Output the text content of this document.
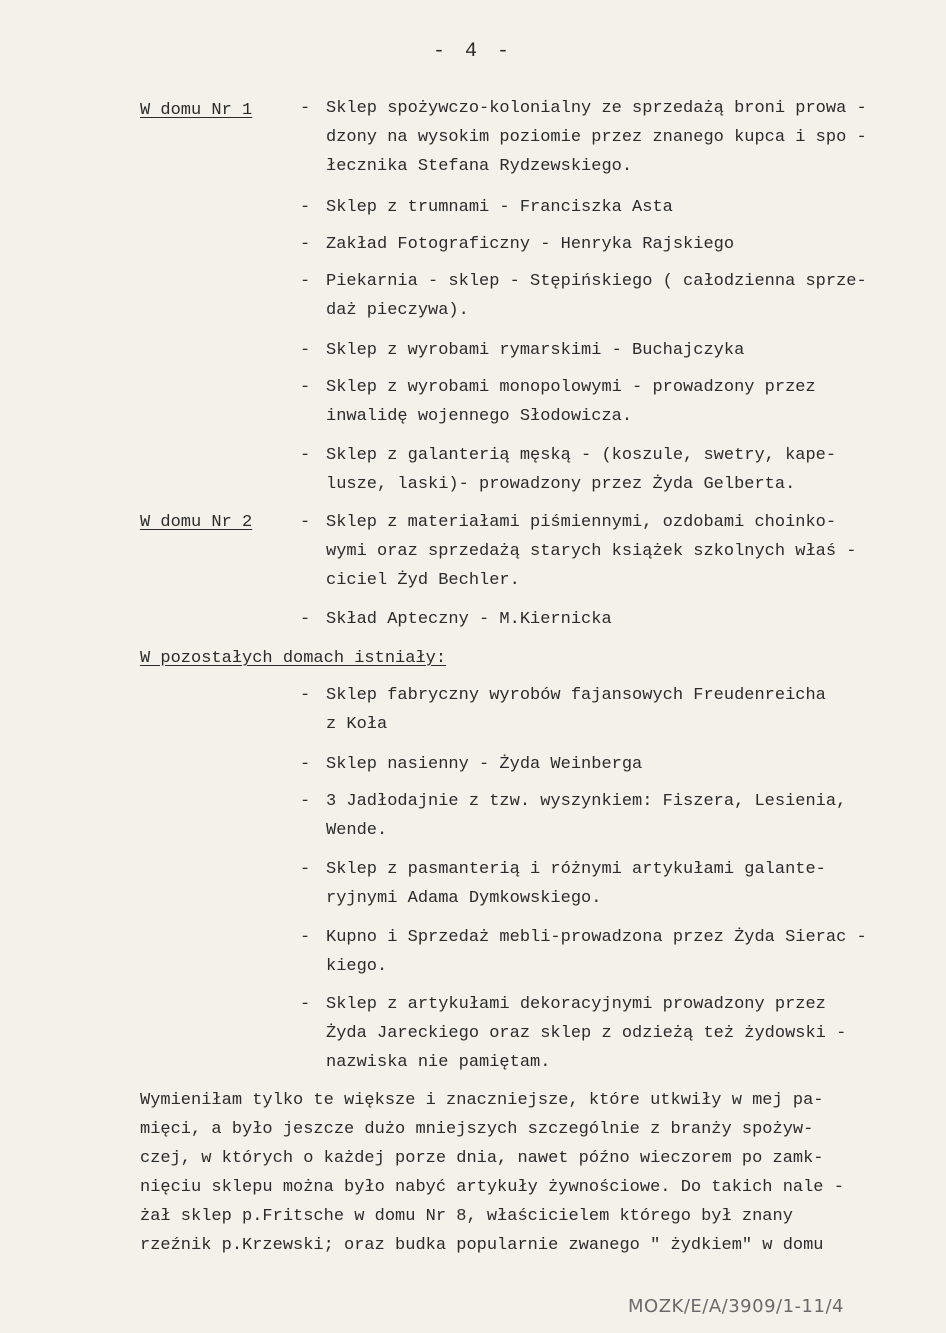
- 4 -
W domu Nr 1
W domu Nr 2
W pozostałych domach istniały:
- Sklep spożywczo-kolonialny ze sprzedażą broni prowa -
dzony na wysokim poziomie przez znanego kupca i spo -
łecznika Stefana Rydzewskiego.
- Sklep z trumnami - Franciszka Asta
- Zakład Fotograficzny - Henryka Rajskiego
- Piekarnia - sklep - Stępińskiego ( całodzienna sprze-
daż pieczywa).
- Sklep z wyrobami rymarskimi - Buchajczyka
- Sklep z wyrobami monopolowymi - prowadzony przez
inwalidę wojennego Słodowicza.
- Sklep z galanterią męską - (koszule, swetry, kape-
lusze, laski)- prowadzony przez Żyda Gelberta.
- Sklep z materiałami piśmiennymi, ozdobami choinko-
wymi oraz sprzedażą starych książek szkolnych właś -
ciciel Żyd Bechler.
- Skład Apteczny - M.Kiernicka
- Sklep fabryczny wyrobów fajansowych Freudenreicha
z Koła
- Sklep nasienny - Żyda Weinberga
- 3 Jadłodajnie z tzw. wyszynkiem: Fiszera, Lesienia,
Wende.
- Sklep z pasmanterią i różnymi artykułami galante-
ryjnymi Adama Dymkowskiego.
- Kupno i Sprzedaż mebli-prowadzona przez Żyda Sierac -
kiego.
- Sklep z artykułami dekoracyjnymi prowadzony przez
Żyda Jareckiego oraz sklep z odzieżą też żydowski -
nazwiska nie pamiętam.
Wymieniłam tylko te większe i znaczniejsze, które utkwiły w mej pa-
mięci, a było jeszcze dużo mniejszych szczególnie z branży spożyw-
czej, w których o każdej porze dnia, nawet późno wieczorem po zamk-
nięciu sklepu można było nabyć artykuły żywnościowe. Do takich nale -
żał sklep p.Fritsche w domu Nr 8, właścicielem którego był znany
rzeźnik p.Krzewski; oraz budka popularnie zwanego " żydkiem" w domu
MOZK/E/A/3909/1-11/4
